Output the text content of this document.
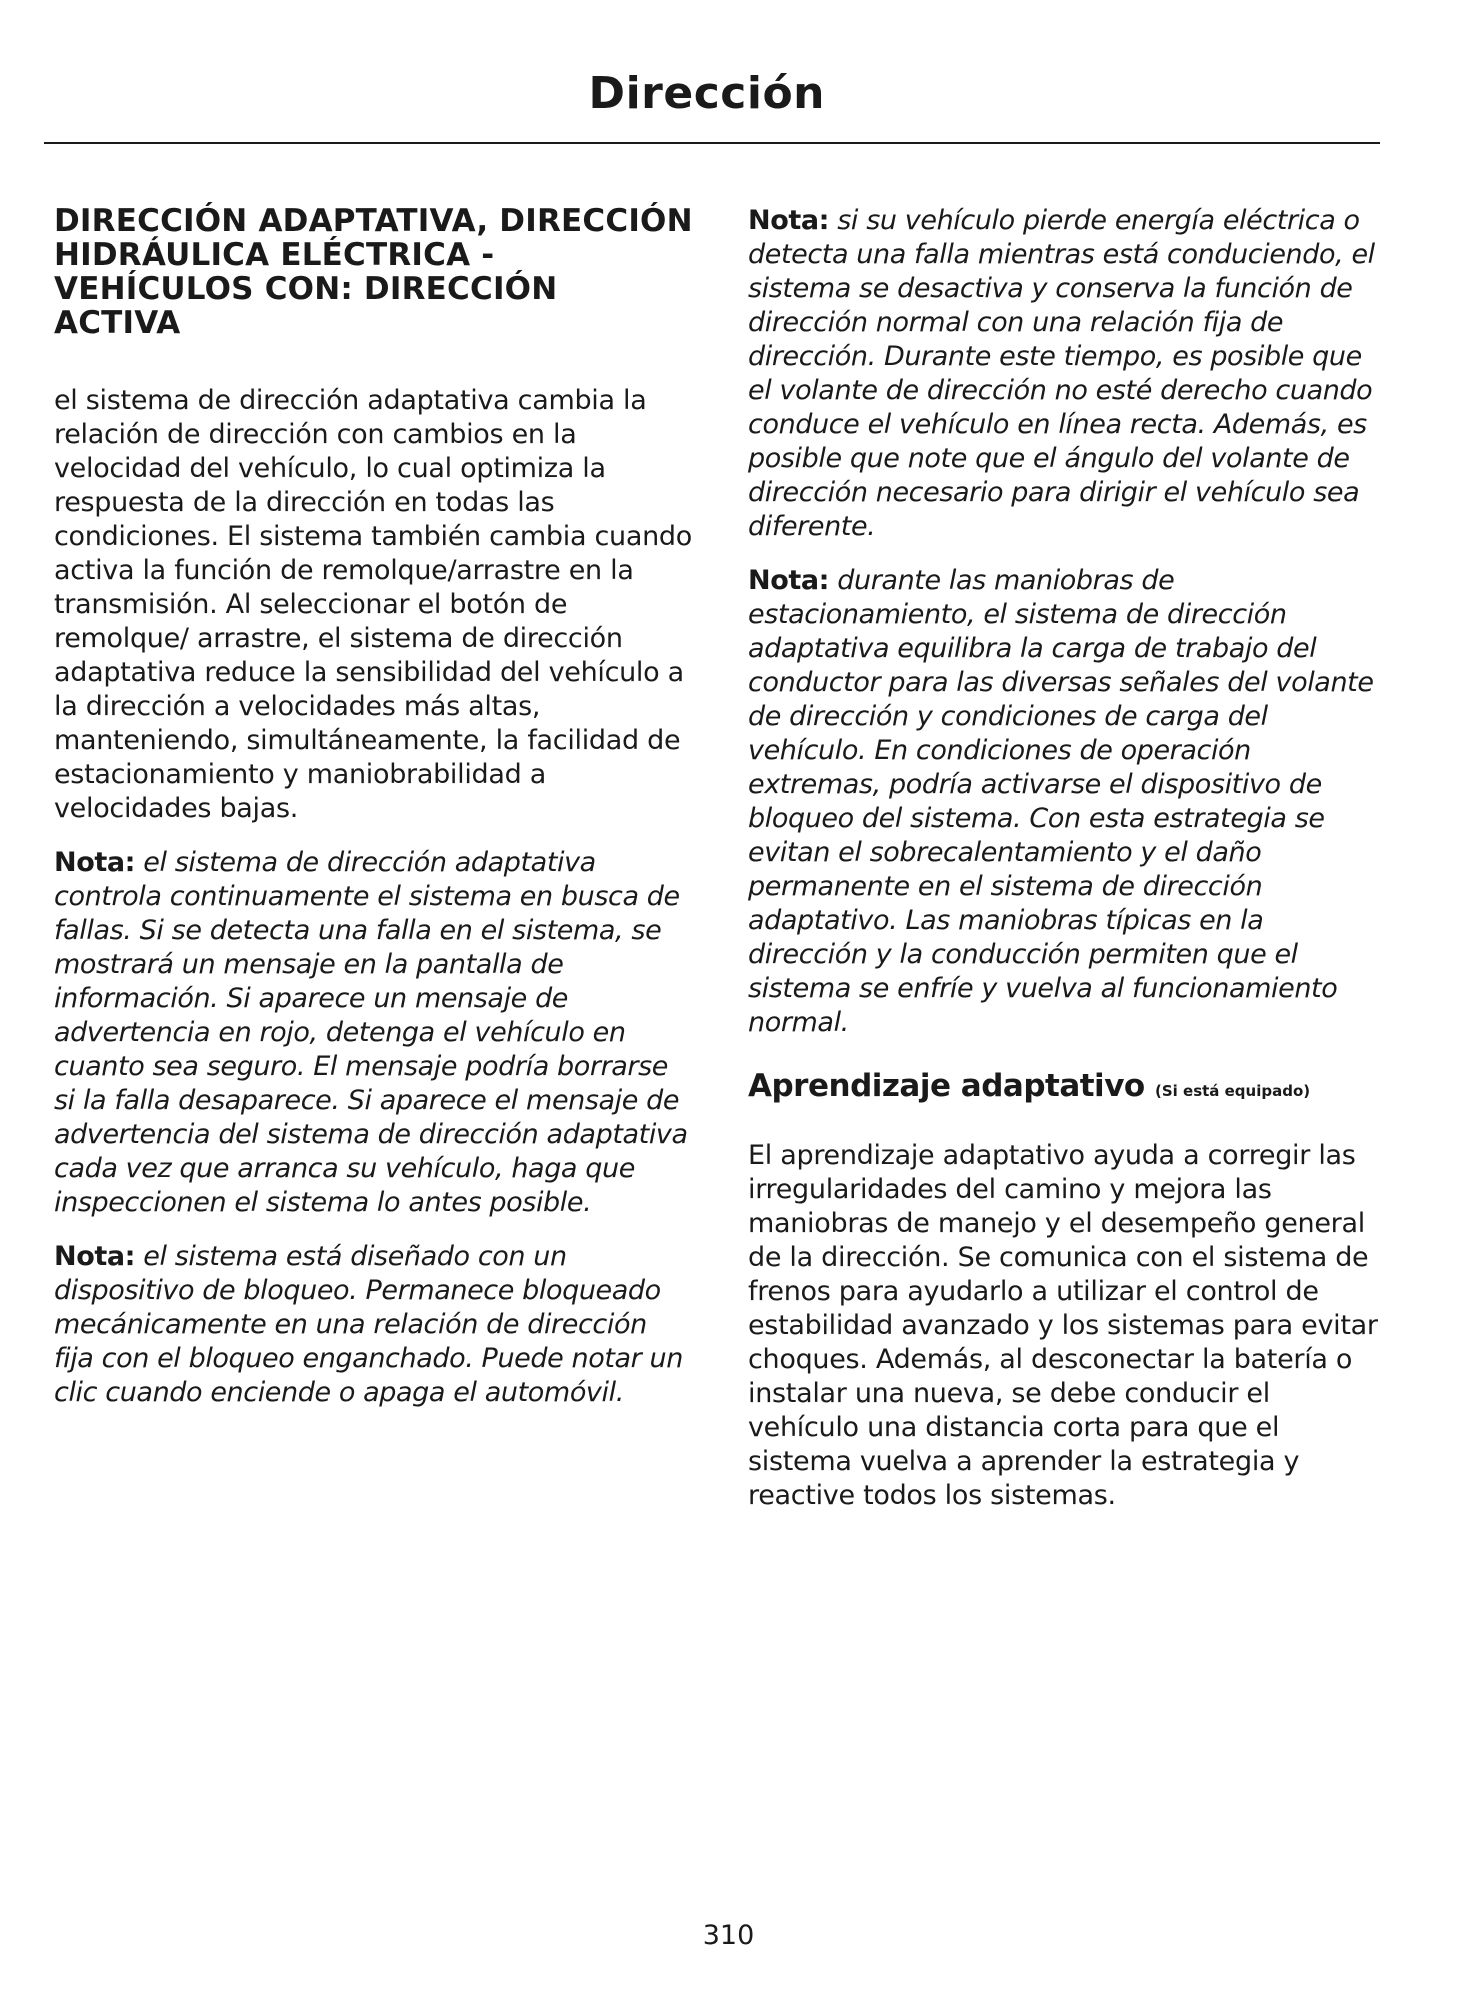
Dirección
DIRECCIÓN ADAPTATIVA, DIRECCIÓN HIDRÁULICA ELÉCTRICA - VEHÍCULOS CON: DIRECCIÓN ACTIVA

el sistema de dirección adaptativa cambia la relación de dirección con cambios en la velocidad del vehículo, lo cual optimiza la respuesta de la dirección en todas las condiciones. El sistema también cambia cuando activa la función de remolque/arrastre en la transmisión. Al seleccionar el botón de remolque/ arrastre, el sistema de dirección adaptativa reduce la sensibilidad del vehículo a la dirección a velocidades más altas, manteniendo, simultáneamente, la facilidad de estacionamiento y maniobrabilidad a velocidades bajas.

Nota: el sistema de dirección adaptativa controla continuamente el sistema en busca de fallas. Si se detecta una falla en el sistema, se mostrará un mensaje en la pantalla de información. Si aparece un mensaje de advertencia en rojo, detenga el vehículo en cuanto sea seguro. El mensaje podría borrarse si la falla desaparece. Si aparece el mensaje de advertencia del sistema de dirección adaptativa cada vez que arranca su vehículo, haga que inspeccionen el sistema lo antes posible.

Nota: el sistema está diseñado con un dispositivo de bloqueo. Permanece bloqueado mecánicamente en una relación de dirección fija con el bloqueo enganchado. Puede notar un clic cuando enciende o apaga el automóvil.

Nota: si su vehículo pierde energía eléctrica o detecta una falla mientras está conduciendo, el sistema se desactiva y conserva la función de dirección normal con una relación fija de dirección. Durante este tiempo, es posible que el volante de dirección no esté derecho cuando conduce el vehículo en línea recta. Además, es posible que note que el ángulo del volante de dirección necesario para dirigir el vehículo sea diferente.

Nota: durante las maniobras de estacionamiento, el sistema de dirección adaptativa equilibra la carga de trabajo del conductor para las diversas señales del volante de dirección y condiciones de carga del vehículo. En condiciones de operación extremas, podría activarse el dispositivo de bloqueo del sistema. Con esta estrategia se evitan el sobrecalentamiento y el daño permanente en el sistema de dirección adaptativo. Las maniobras típicas en la dirección y la conducción permiten que el sistema se enfríe y vuelva al funcionamiento normal.

Aprendizaje adaptativo (Si está equipado)

El aprendizaje adaptativo ayuda a corregir las irregularidades del camino y mejora las maniobras de manejo y el desempeño general de la dirección. Se comunica con el sistema de frenos para ayudarlo a utilizar el control de estabilidad avanzado y los sistemas para evitar choques. Además, al desconectar la batería o instalar una nueva, se debe conducir el vehículo una distancia corta para que el sistema vuelva a aprender la estrategia y reactive todos los sistemas.

310
